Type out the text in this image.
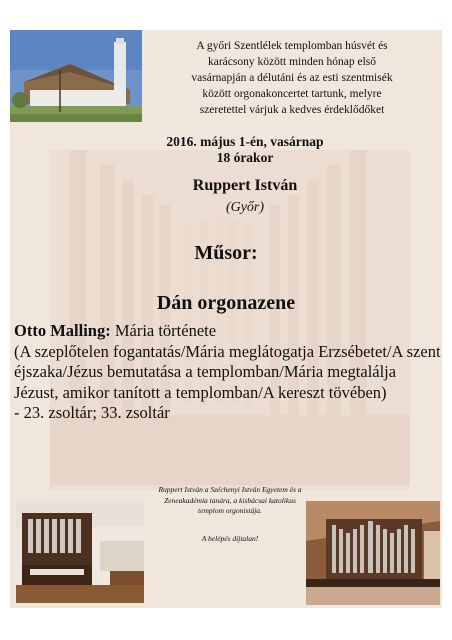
A győri Szentlélek templomban húsvét és
karácsony között minden hónap első
vasárnapján a délutáni és az esti szentmisék
között orgonakoncertet tartunk, melyre
szeretettel várjuk a kedves érdeklődőket
2016. május 1-én, vasárnap
18 órakor
Ruppert István
(Győr)
Műsor:
Dán orgonazene
Otto Malling: Mária története
(A szeplőtelen fogantatás/Mária meglátogatja Erzsébetet/A szent éjszaka/Jézus bemutatása a templomban/Mária megtalálja Jézust, amikor tanított a templomban/A kereszt tövében)
- 23. zsoltár; 33. zsoltár
Ruppert István a Széchenyi István Egyetem és a Zeneakadémia tanára, a kisbácsai katolikus templom orgonistája.
A belépés díjtalan!
